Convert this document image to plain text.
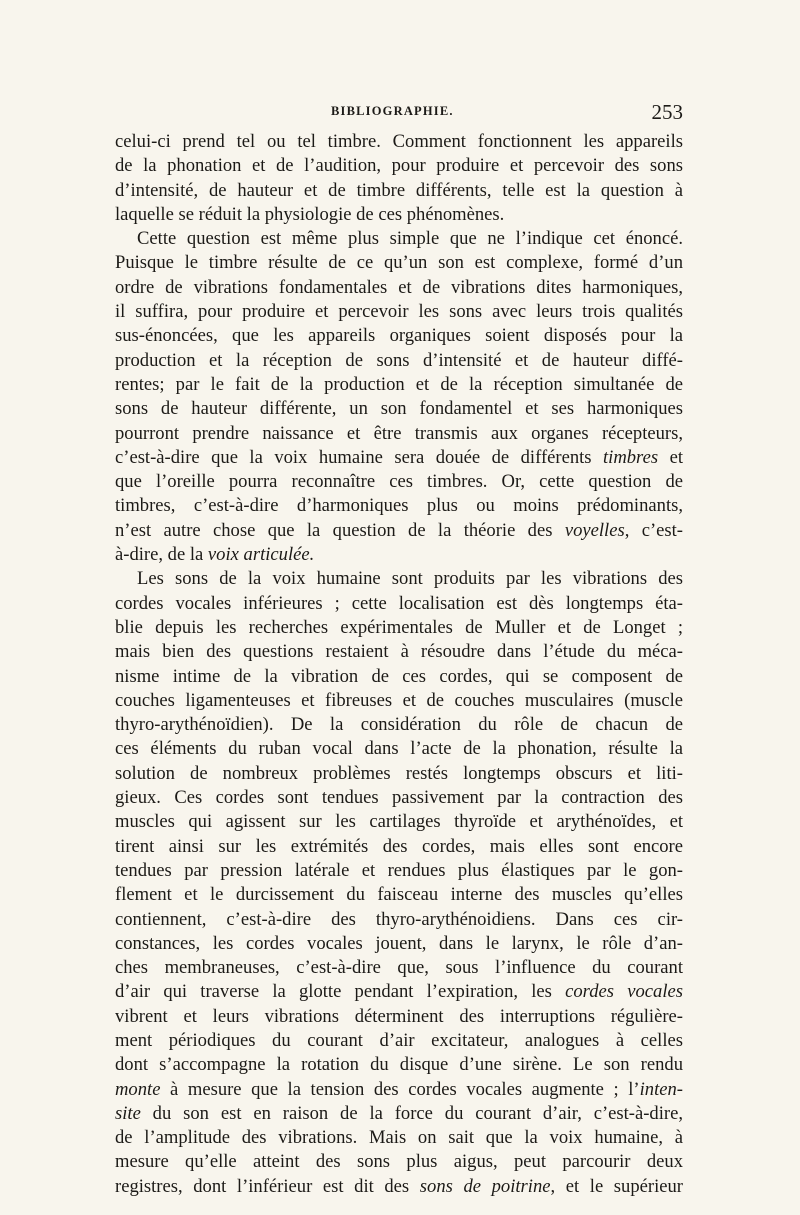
BIBLIOGRAPHIE.	253
celui-ci prend tel ou tel timbre. Comment fonctionnent les appareils
de la phonation et de l’audition, pour produire et percevoir des sons
d’intensité, de hauteur et de timbre différents, telle est la question à
laquelle se réduit la physiologie de ces phénomènes.
Cette question est même plus simple que ne l’indique cet énoncé.
Puisque le timbre résulte de ce qu’un son est complexe, formé d’un
ordre de vibrations fondamentales et de vibrations dites harmoniques,
il suffira, pour produire et percevoir les sons avec leurs trois qualités
sus-énoncées, que les appareils organiques soient disposés pour la
production et la réception de sons d’intensité et de hauteur diffé-
rentes; par le fait de la production et de la réception simultanée de
sons de hauteur différente, un son fondamentel et ses harmoniques
pourront prendre naissance et être transmis aux organes récepteurs,
c’est-à-dire que la voix humaine sera douée de différents timbres et
que l’oreille pourra reconnaître ces timbres. Or, cette question de
timbres, c’est-à-dire d’harmoniques plus ou moins prédominants,
n’est autre chose que la question de la théorie des voyelles, c’est-
à-dire, de la voix articulée.
Les sons de la voix humaine sont produits par les vibrations des
cordes vocales inférieures ; cette localisation est dès longtemps éta-
blie depuis les recherches expérimentales de Muller et de Longet ;
mais bien des questions restaient à résoudre dans l’étude du méca-
nisme intime de la vibration de ces cordes, qui se composent de
couches ligamenteuses et fibreuses et de couches musculaires (muscle
thyro-arythénoïdien). De la considération du rôle de chacun de
ces éléments du ruban vocal dans l’acte de la phonation, résulte la
solution de nombreux problèmes restés longtemps obscurs et liti-
gieux. Ces cordes sont tendues passivement par la contraction des
muscles qui agissent sur les cartilages thyroïde et arythénoïdes, et
tirent ainsi sur les extrémités des cordes, mais elles sont encore
tendues par pression latérale et rendues plus élastiques par le gon-
flement et le durcissement du faisceau interne des muscles qu’elles
contiennent, c’est-à-dire des thyro-arythénoidiens. Dans ces cir-
constances, les cordes vocales jouent, dans le larynx, le rôle d’an-
ches membraneuses, c’est-à-dire que, sous l’influence du courant
d’air qui traverse la glotte pendant l’expiration, les cordes vocales
vibrent et leurs vibrations déterminent des interruptions régulière-
ment périodiques du courant d’air excitateur, analogues à celles
dont s’accompagne la rotation du disque d’une sirène. Le son rendu
monte à mesure que la tension des cordes vocales augmente ; l’inten-
site du son est en raison de la force du courant d’air, c’est-à-dire,
de l’amplitude des vibrations. Mais on sait que la voix humaine, à
mesure qu’elle atteint des sons plus aigus, peut parcourir deux
registres, dont l’inférieur est dit des sons de poitrine, et le supérieur
